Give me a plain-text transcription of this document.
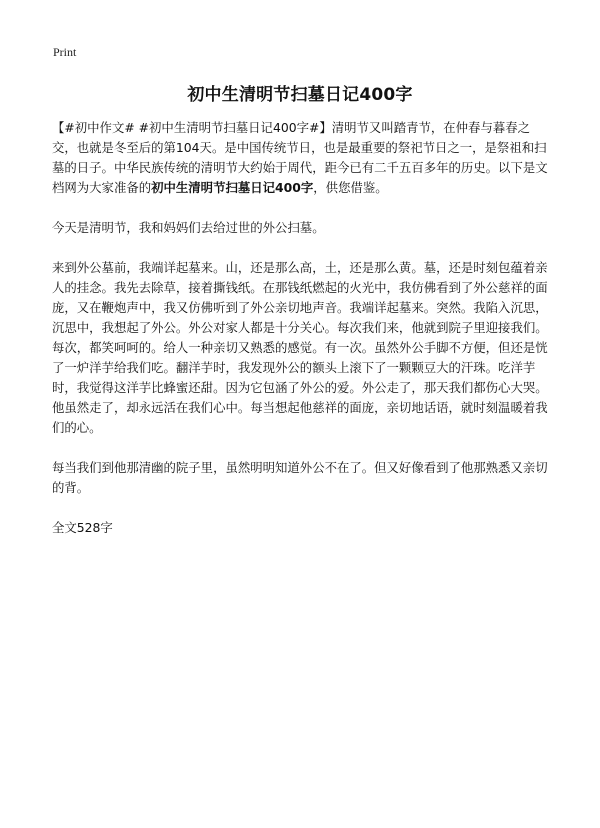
Print
初中生清明节扫墓日记400字

【#初中作文# #初中生清明节扫墓日记400字#】清明节又叫踏青节，在仲春与暮春之交，也就是冬至后的第104天。是中国传统节日，也是最重要的祭祀节日之一，是祭祖和扫墓的日子。中华民族传统的清明节大约始于周代，距今已有二千五百多年的历史。以下是文档网为大家准备的初中生清明节扫墓日记400字，供您借鉴。

今天是清明节，我和妈妈们去给过世的外公扫墓。

来到外公墓前，我端详起墓来。山，还是那么高，土，还是那么黄。墓，还是时刻包蕴着亲人的挂念。我先去除草，接着撕钱纸。在那钱纸燃起的火光中，我仿佛看到了外公慈祥的面庞，又在鞭炮声中，我又仿佛听到了外公亲切地声音。我端详起墓来。突然。我陷入沉思，沉思中，我想起了外公。外公对家人都是十分关心。每次我们来，他就到院子里迎接我们。每次，都笑呵呵的。给人一种亲切又熟悉的感觉。有一次。虽然外公手脚不方便，但还是恍了一炉洋芋给我们吃。翻洋芋时，我发现外公的额头上滚下了一颗颗豆大的汗珠。吃洋芋时，我觉得这洋芋比蜂蜜还甜。因为它包涵了外公的爱。外公走了，那天我们都伤心大哭。他虽然走了，却永远活在我们心中。每当想起他慈祥的面庞，亲切地话语，就时刻温暖着我们的心。

每当我们到他那清幽的院子里，虽然明明知道外公不在了。但又好像看到了他那熟悉又亲切的背。

全文528字
